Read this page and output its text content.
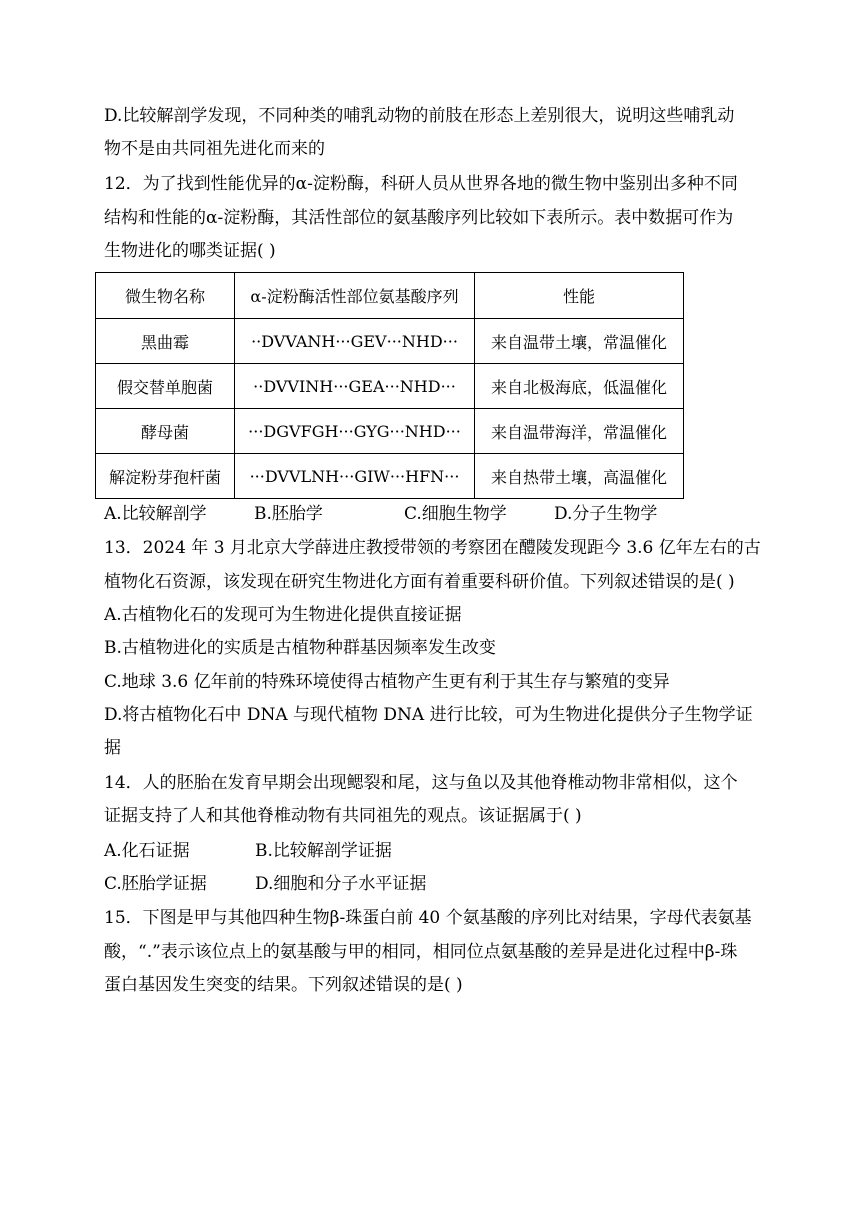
D.比较解剖学发现，不同种类的哺乳动物的前肢在形态上差别很大，说明这些哺乳动
物不是由共同祖先进化而来的
12．为了找到性能优异的α-淀粉酶，科研人员从世界各地的微生物中鉴别出多种不同
结构和性能的α-淀粉酶，其活性部位的氨基酸序列比较如下表所示。表中数据可作为
生物进化的哪类证据( )
微生物名称	α-淀粉酶活性部位氨基酸序列	性能
黑曲霉	··DVVANH···GEV···NHD···	来自温带土壤，常温催化
假交替单胞菌	··DVVINH···GEA···NHD···	来自北极海底，低温催化
酵母菌	···DGVFGH···GYG···NHD···	来自温带海洋，常温催化
解淀粉芽孢杆菌	···DVVLNH···GIW···HFN···	来自热带土壤，高温催化
A.比较解剖学	B.胚胎学	C.细胞生物学	D.分子生物学
13．2024 年 3 月北京大学薛进庄教授带领的考察团在醴陵发现距今 3.6 亿年左右的古
植物化石资源，该发现在研究生物进化方面有着重要科研价值。下列叙述错误的是( )
A.古植物化石的发现可为生物进化提供直接证据
B.古植物进化的实质是古植物种群基因频率发生改变
C.地球 3.6 亿年前的特殊环境使得古植物产生更有利于其生存与繁殖的变异
D.将古植物化石中 DNA 与现代植物 DNA 进行比较，可为生物进化提供分子生物学证
据
14．人的胚胎在发育早期会出现鳃裂和尾，这与鱼以及其他脊椎动物非常相似，这个
证据支持了人和其他脊椎动物有共同祖先的观点。该证据属于( )
A.化石证据	B.比较解剖学证据
C.胚胎学证据	D.细胞和分子水平证据
15．下图是甲与其他四种生物β-珠蛋白前 40 个氨基酸的序列比对结果，字母代表氨基
酸，“.”表示该位点上的氨基酸与甲的相同，相同位点氨基酸的差异是进化过程中β-珠
蛋白基因发生突变的结果。下列叙述错误的是( )
